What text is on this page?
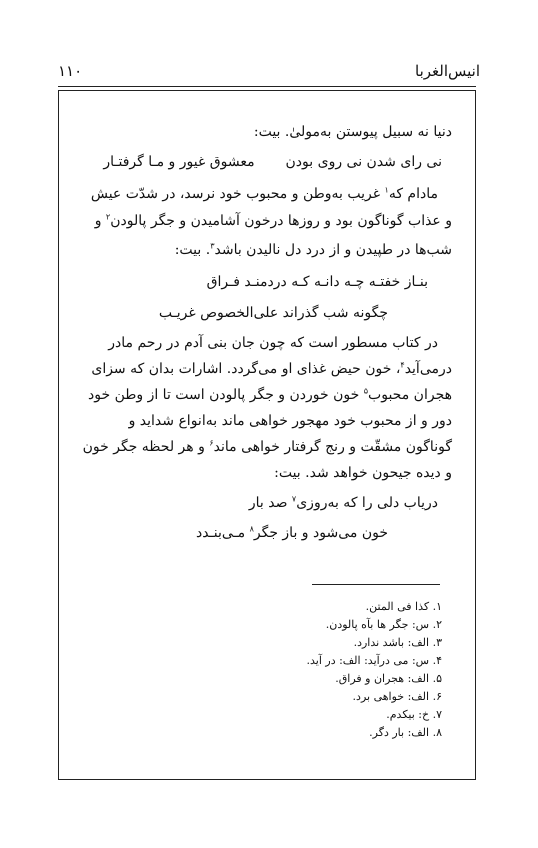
انیس‌الغربا
۱۱۰
دنیا نه سبیل پیوستن به‌مولیٰ. بیت:
نی رای شدن نی روی بودن  معشوق غیور و مـا گرفتـار
مادام که$^۱$ غریب به‌وطن و محبوب خود نرسد، در شدّت عیش
و عذاب گوناگون بود و روزها درخون آشامیدن و جگر پالودن$^۲$ و
شب‌ها در طپیدن و از درد دل نالیدن باشد$^۳$. بیت:
بنـاز خفتـه چـه دانـه کـه دردمنـد فـراق
چگونه شب گذراند علی‌الخصوص غریـب
در کتاب مسطور است که چون جان بنی آدم در رحم مادر
درمی‌آید$^۴$، خون حیض غذای او می‌گردد. اشارات بدان که سزای
هجران محبوب$^۵$ خون خوردن و جگر پالودن است تا از وطن خود
دور و از محبوب خود مهجور خواهی ماند به‌انواع شداید و
گوناگون مشقّت و رنج گرفتار خواهی ماند$^۶$ و هر لحظه جگر خون
و دیده جیحون خواهد شد. بیت:
دریاب دلی را که به‌روزی$^۷$ صد بار
خون می‌شود و باز جگر$^۸$ مـی‌بنـدد
۱. کذا فی المتن.
۲. س: جگر ها بآه پالودن.
۳. الف: باشد ندارد.
۴. س: می درآید: الف: در آید.
۵. الف: هجران و فراق.
۶. الف: خواهی برد.
۷. خ: بیکدم.
۸. الف: بار دگر.
